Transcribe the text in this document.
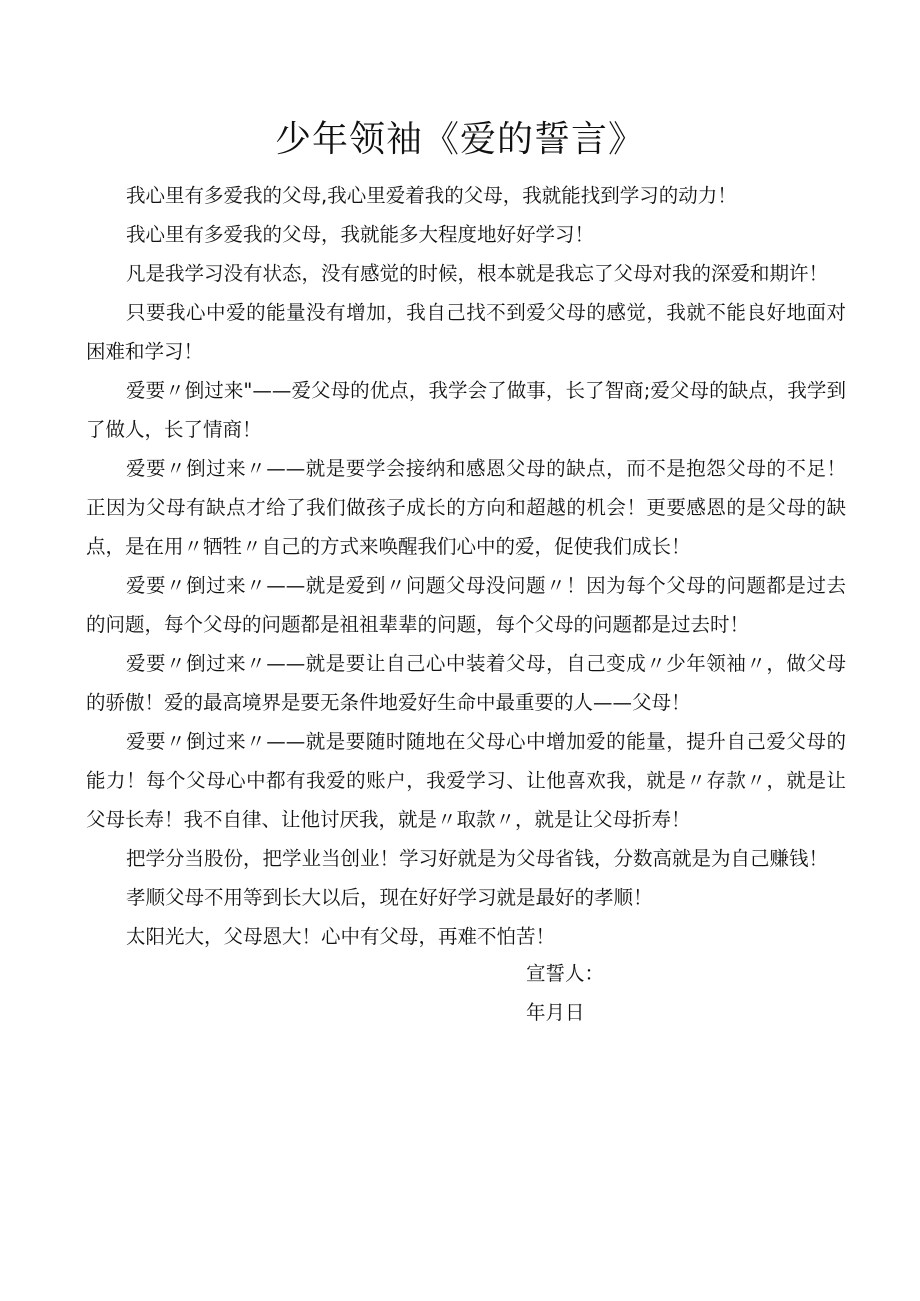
少年领袖《爱的誓言》

我心里有多爱我的父母,我心里爱着我的父母，我就能找到学习的动力！

我心里有多爱我的父母，我就能多大程度地好好学习！

凡是我学习没有状态，没有感觉的时候，根本就是我忘了父母对我的深爱和期许！

只要我心中爱的能量没有增加，我自己找不到爱父母的感觉，我就不能良好地面对困难和学习！

爱要〃倒过来"——爱父母的优点，我学会了做事，长了智商;爱父母的缺点，我学到了做人，长了情商！

爱要〃倒过来〃——就是要学会接纳和感恩父母的缺点，而不是抱怨父母的不足！正因为父母有缺点才给了我们做孩子成长的方向和超越的机会！更要感恩的是父母的缺点，是在用〃牺牲〃自己的方式来唤醒我们心中的爱，促使我们成长！

爱要〃倒过来〃——就是爱到〃问题父母没问题〃！因为每个父母的问题都是过去的问题，每个父母的问题都是祖祖辈辈的问题，每个父母的问题都是过去时！

爱要〃倒过来〃——就是要让自己心中装着父母，自己变成〃少年领袖〃，做父母的骄傲！爱的最高境界是要无条件地爱好生命中最重要的人——父母！

爱要〃倒过来〃——就是要随时随地在父母心中增加爱的能量，提升自己爱父母的能力！每个父母心中都有我爱的账户，我爱学习、让他喜欢我，就是〃存款〃，就是让父母长寿！我不自律、让他讨厌我，就是〃取款〃，就是让父母折寿！

把学分当股份，把学业当创业！学习好就是为父母省钱，分数高就是为自己赚钱！

孝顺父母不用等到长大以后，现在好好学习就是最好的孝顺！

太阳光大，父母恩大！心中有父母，再难不怕苦！

宣誓人：

年月日
